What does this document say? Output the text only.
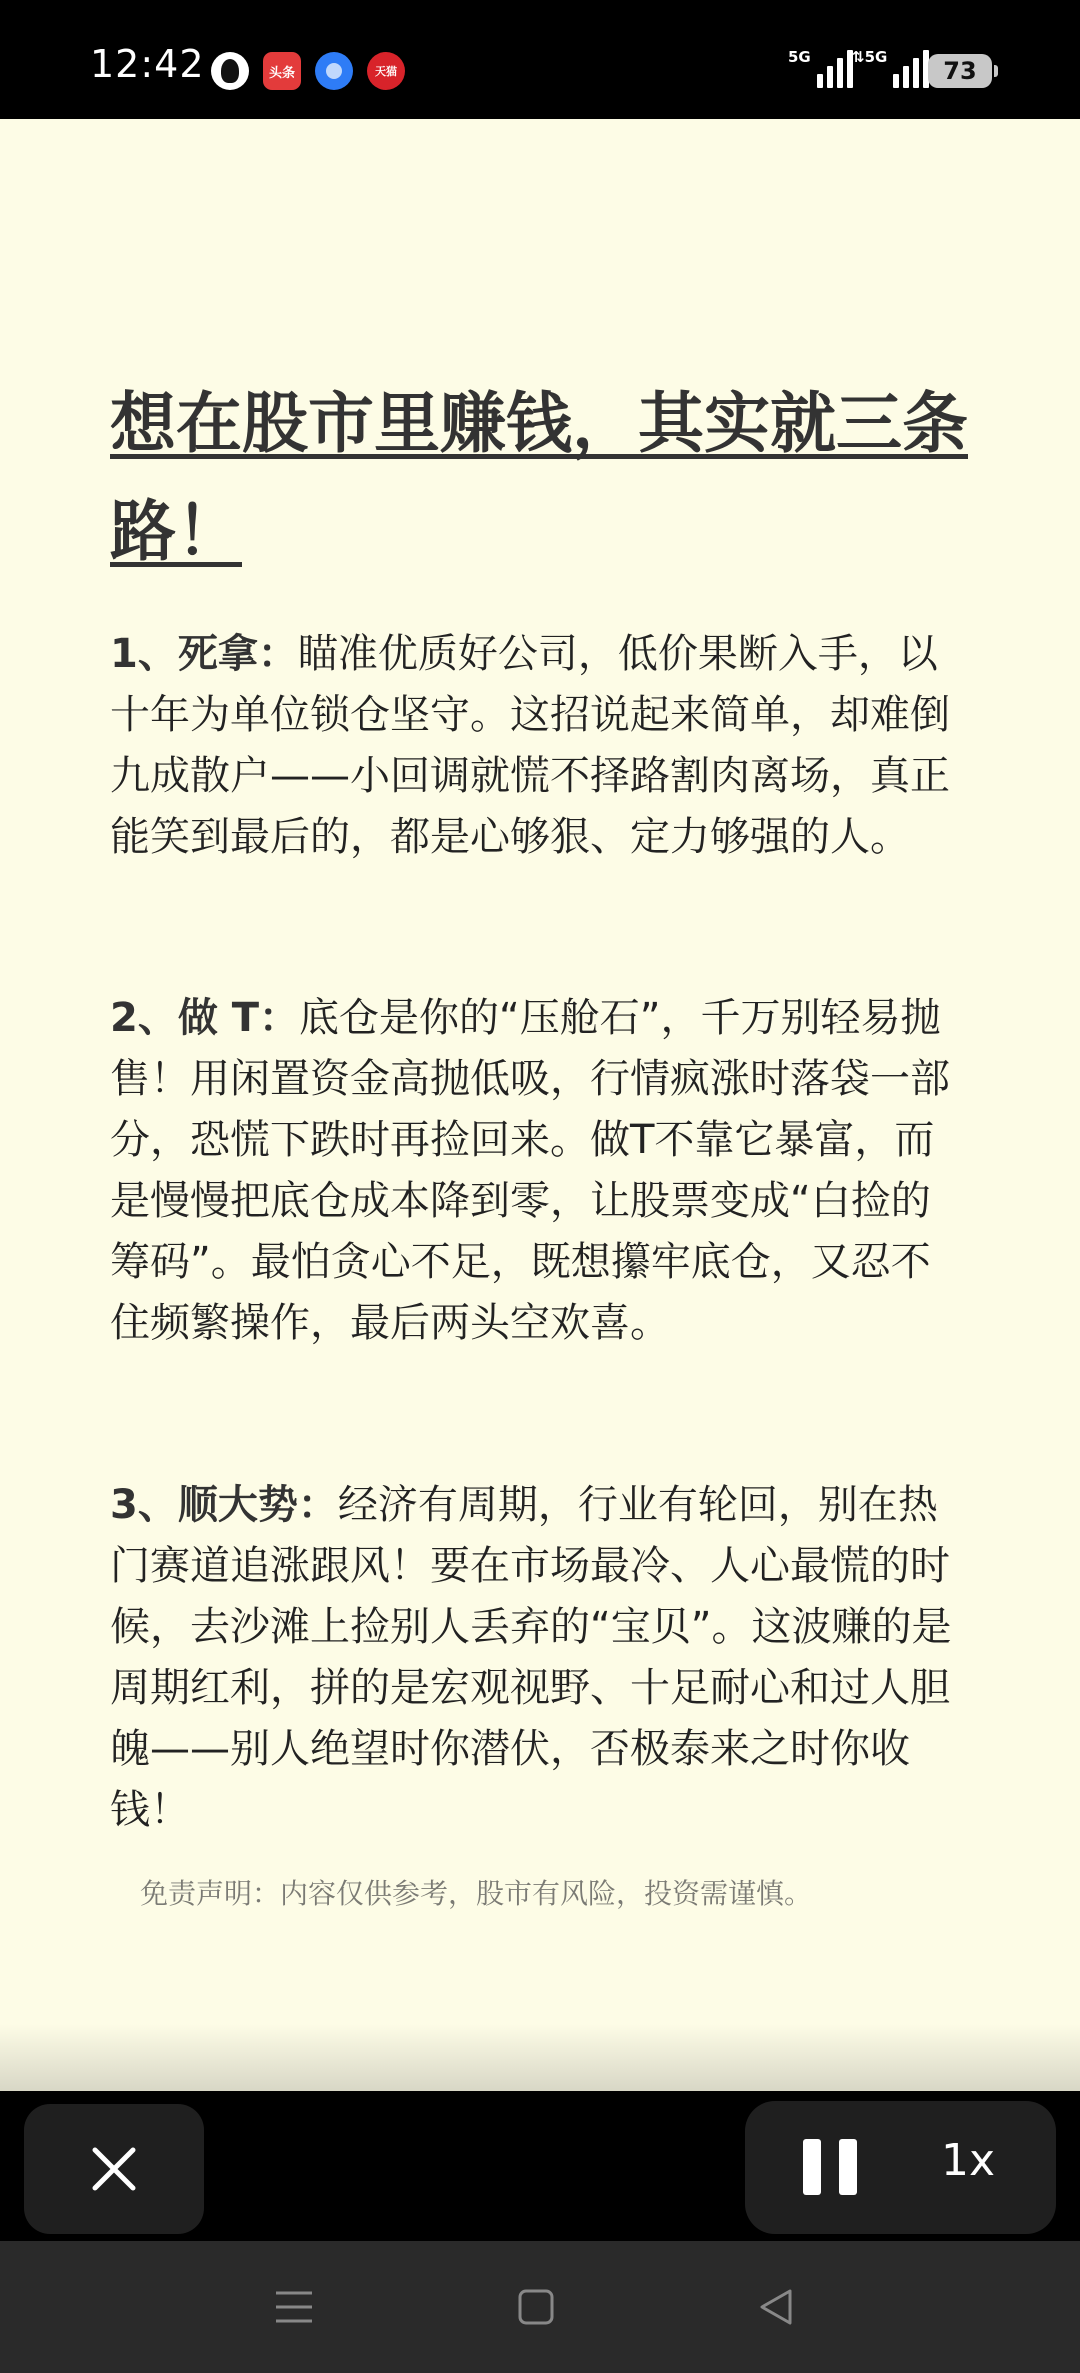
12:42	头条	天猫
5G	⇅5G	73
想在股市里赚钱，其实就三条路！

1、死拿：瞄准优质好公司，低价果断入手，以十年为单位锁仓坚守。这招说起来简单，却难倒九成散户——小回调就慌不择路割肉离场，真正能笑到最后的，都是心够狠、定力够强的人。

2、做 T：底仓是你的“压舱石”，千万别轻易抛售！用闲置资金高抛低吸，行情疯涨时落袋一部分，恐慌下跌时再捡回来。做T不靠它暴富，而是慢慢把底仓成本降到零，让股票变成“白捡的筹码”。最怕贪心不足，既想攥牢底仓，又忍不住频繁操作，最后两头空欢喜。

3、顺大势：经济有周期，行业有轮回，别在热门赛道追涨跟风！要在市场最冷、人心最慌的时候，去沙滩上捡别人丢弃的“宝贝”。这波赚的是周期红利，拼的是宏观视野、十足耐心和过人胆魄——别人绝望时你潜伏，否极泰来之时你收钱！

免责声明：内容仅供参考，股市有风险，投资需谨慎。

1x
